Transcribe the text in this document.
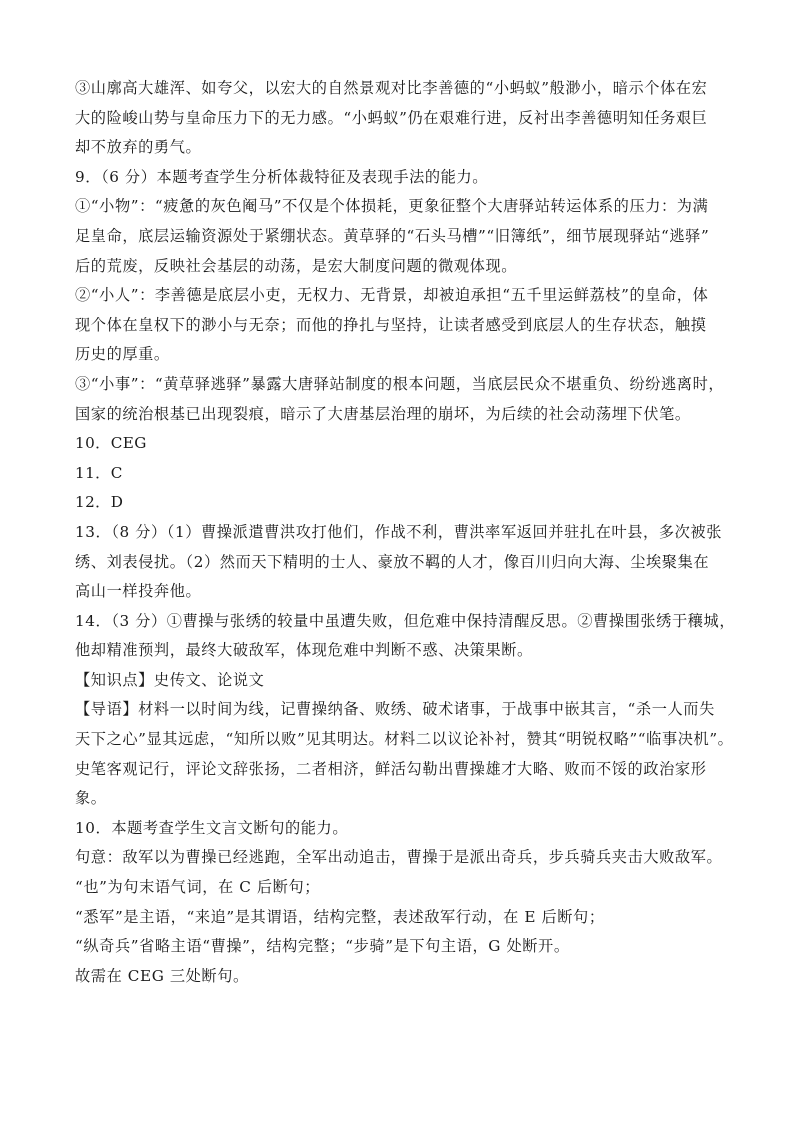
③山廓高大雄浑、如夸父，以宏大的自然景观对比李善德的“小蚂蚁”般渺小，暗示个体在宏
大的险峻山势与皇命压力下的无力感。“小蚂蚁”仍在艰难行进，反衬出李善德明知任务艰巨
却不放弃的勇气。
9．（6 分）本题考查学生分析体裁特征及表现手法的能力。
①“小物”：“疲惫的灰色阉马”不仅是个体损耗，更象征整个大唐驿站转运体系的压力：为满
足皇命，底层运输资源处于紧绷状态。黄草驿的“石头马槽”“旧簿纸”，细节展现驿站“逃驿”
后的荒废，反映社会基层的动荡，是宏大制度问题的微观体现。
②“小人”：李善德是底层小吏，无权力、无背景，却被迫承担“五千里运鲜荔枝”的皇命，体
现个体在皇权下的渺小与无奈；而他的挣扎与坚持，让读者感受到底层人的生存状态，触摸
历史的厚重。
③“小事”：“黄草驿逃驿”暴露大唐驿站制度的根本问题，当底层民众不堪重负、纷纷逃离时，
国家的统治根基已出现裂痕，暗示了大唐基层治理的崩坏，为后续的社会动荡埋下伏笔。
10．CEG
11．C
12．D
13．（8 分）（1）曹操派遣曹洪攻打他们，作战不利，曹洪率军返回并驻扎在叶县，多次被张
绣、刘表侵扰。（2）然而天下精明的士人、豪放不羁的人才，像百川归向大海、尘埃聚集在
高山一样投奔他。
14．（3 分）①曹操与张绣的较量中虽遭失败，但危难中保持清醒反思。②曹操围张绣于穰城，
他却精准预判，最终大破敌军，体现危难中判断不惑、决策果断。
【知识点】史传文、论说文
【导语】材料一以时间为线，记曹操纳备、败绣、破术诸事，于战事中嵌其言，“杀一人而失
天下之心”显其远虑，“知所以败”见其明达。材料二以议论补衬，赞其“明锐权略”“临事决机”。
史笔客观记行，评论文辞张扬，二者相济，鲜活勾勒出曹操雄才大略、败而不馁的政治家形
象。
10．本题考查学生文言文断句的能力。
句意：敌军以为曹操已经逃跑，全军出动追击，曹操于是派出奇兵，步兵骑兵夹击大败敌军。
“也”为句末语气词，在 C 后断句；
“悉军”是主语，“来追”是其谓语，结构完整，表述敌军行动，在 E 后断句；
“纵奇兵”省略主语“曹操”，结构完整；“步骑”是下句主语，G 处断开。
故需在 CEG 三处断句。
